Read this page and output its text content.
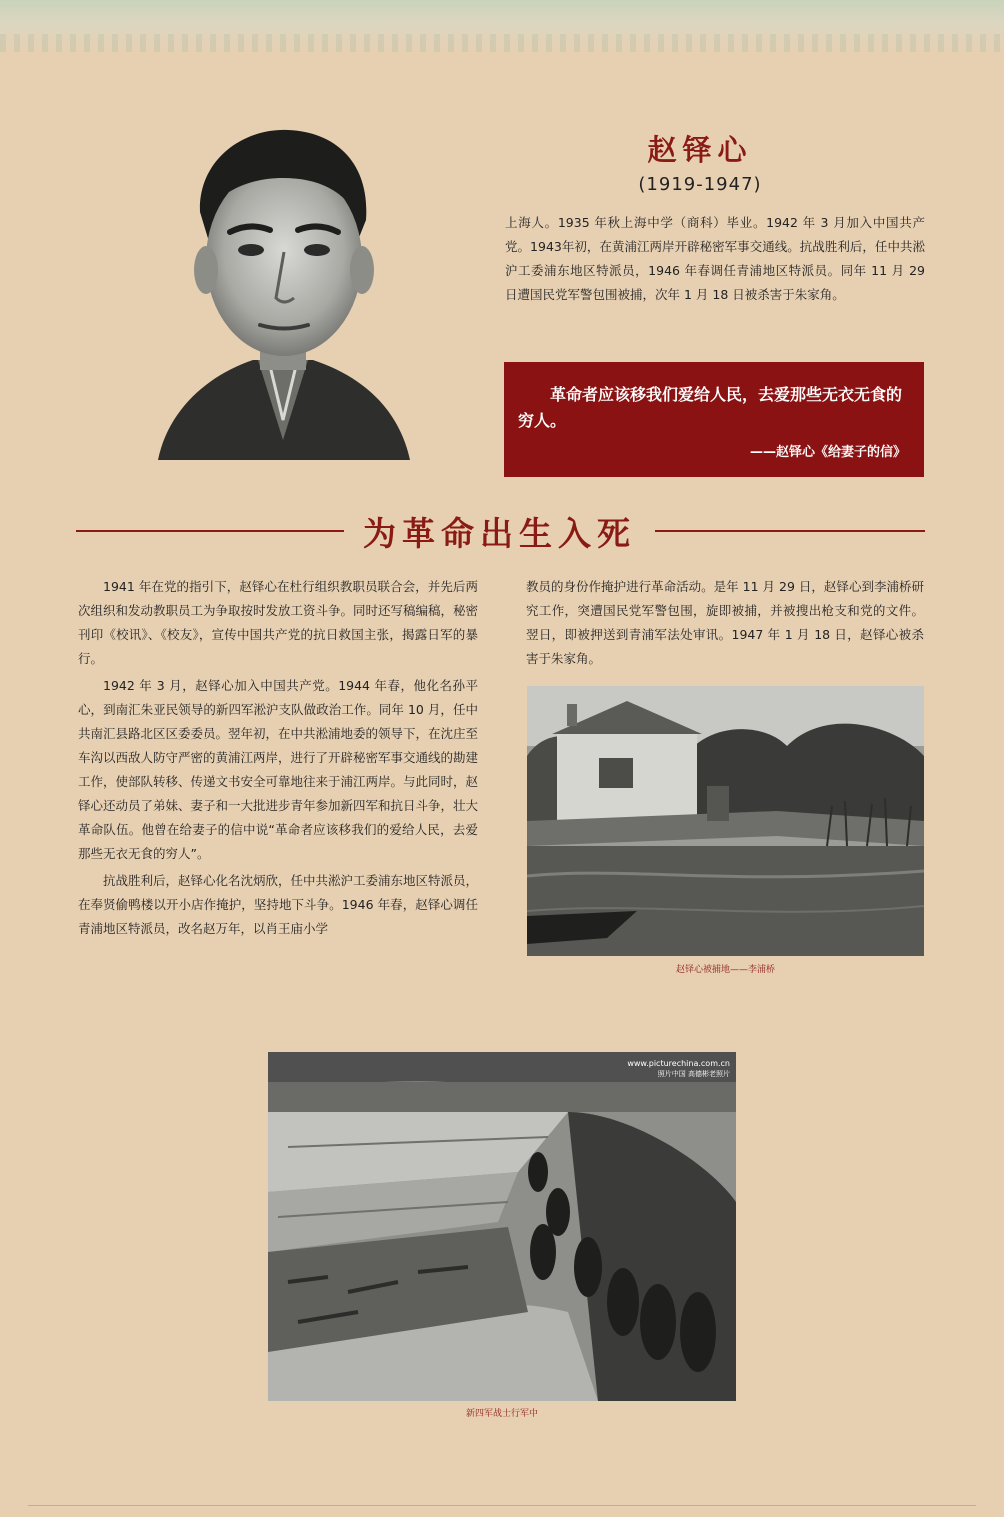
赵铎心
(1919-1947)
上海人。1935 年秋上海中学（商科）毕业。1942 年 3 月加入中国共产党。1943年初，在黄浦江两岸开辟秘密军事交通线。抗战胜利后，任中共淞沪工委浦东地区特派员，1946 年春调任青浦地区特派员。同年 11 月 29 日遭国民党军警包围被捕，次年 1 月 18 日被杀害于朱家角。
革命者应该移我们爱给人民，去爱那些无衣无食的穷人。
——赵铎心《给妻子的信》
为革命出生入死

1941 年在党的指引下，赵铎心在杜行组织教职员联合会，并先后两次组织和发动教职员工为争取按时发放工资斗争。同时还写稿编稿，秘密刊印《校讯》、《校友》，宣传中国共产党的抗日救国主张，揭露日军的暴行。

1942 年 3 月，赵铎心加入中国共产党。1944 年春，他化名孙平心，到南汇朱亚民领导的新四军淞沪支队做政治工作。同年 10 月，任中共南汇县路北区区委委员。翌年初，在中共淞浦地委的领导下，在沈庄至车沟以西敌人防守严密的黄浦江两岸，进行了开辟秘密军事交通线的勘建工作，使部队转移、传递文书安全可靠地往来于浦江两岸。与此同时，赵铎心还动员了弟妹、妻子和一大批进步青年参加新四军和抗日斗争，壮大革命队伍。他曾在给妻子的信中说“革命者应该移我们的爱给人民，去爱那些无衣无食的穷人”。

抗战胜利后，赵铎心化名沈炳欣，任中共淞沪工委浦东地区特派员，在奉贤偷鸭楼以开小店作掩护，坚持地下斗争。1946 年春，赵铎心调任青浦地区特派员，改名赵万年，以肖王庙小学

教员的身份作掩护进行革命活动。是年 11 月 29 日，赵铎心到李浦桥研究工作，突遭国民党军警包围，旋即被捕，并被搜出枪支和党的文件。翌日，即被押送到青浦军法处审讯。1947 年 1 月 18 日，赵铎心被杀害于朱家角。

赵铎心被捕地——李浦桥
www.picturechina.com.cn
照片中国 高德彬老照片
新四军战士行军中
